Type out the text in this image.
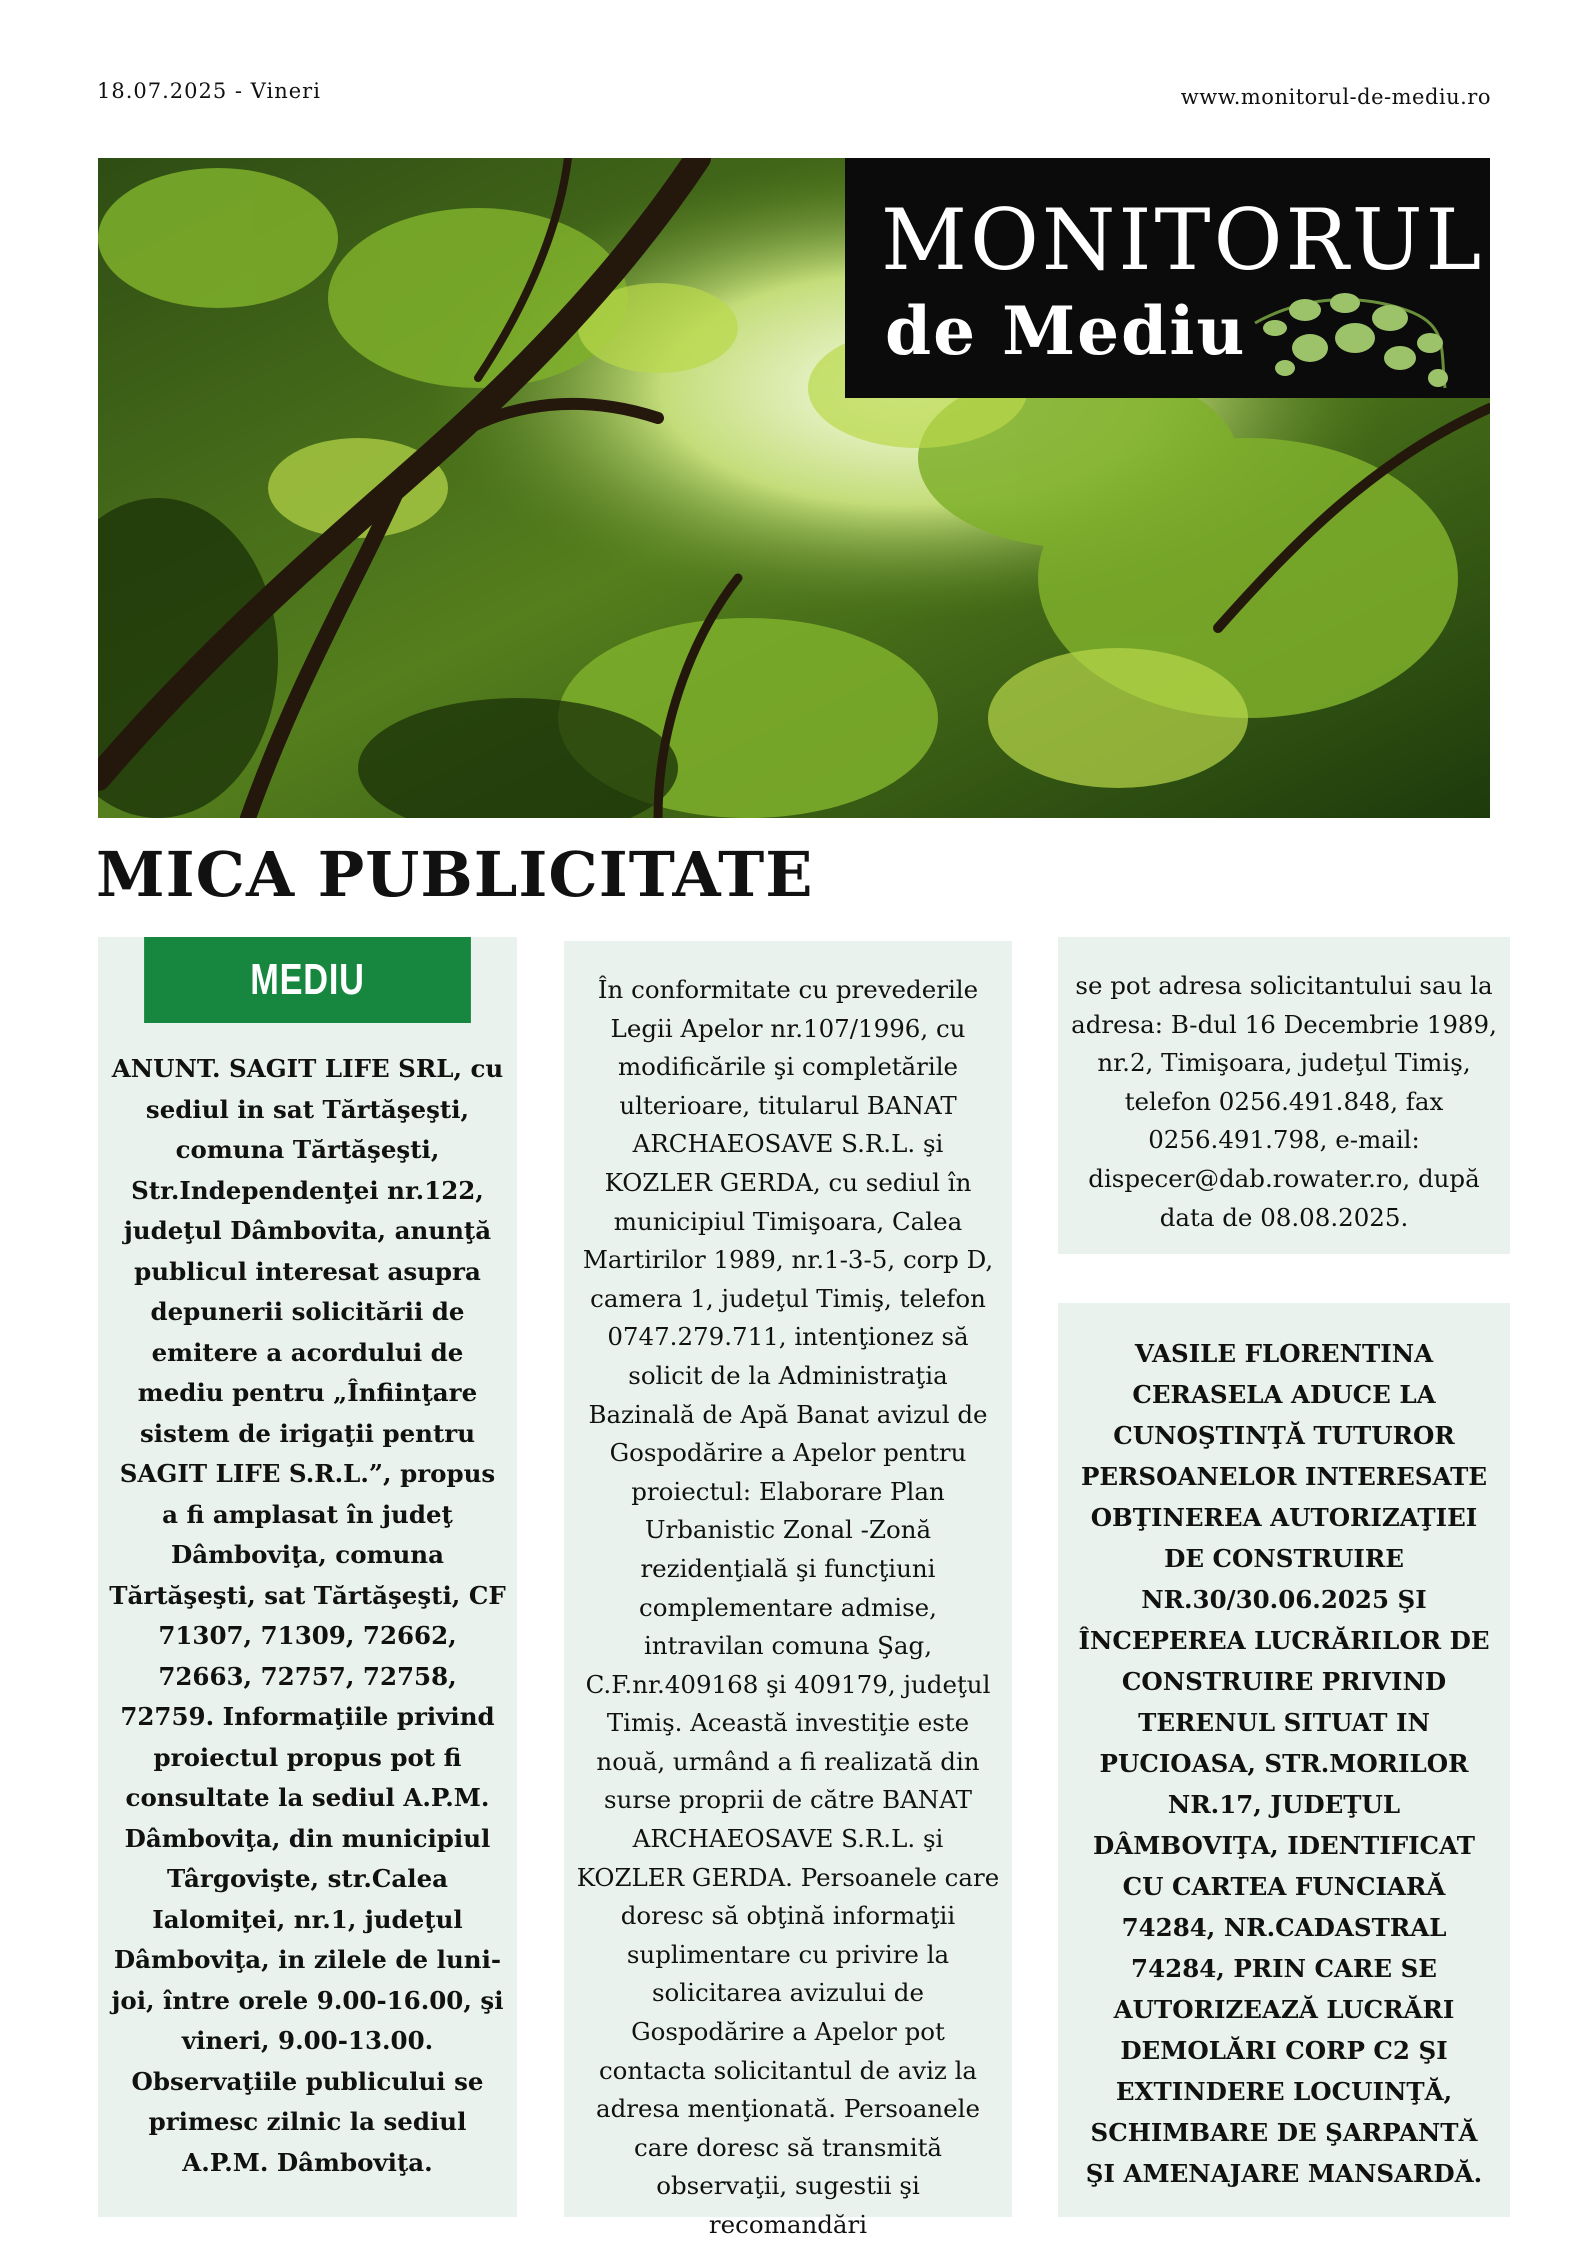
18.07.2025 - Vineri	www.monitorul-de-mediu.ro
MONITORUL
de Mediu
MICA PUBLICITATE
MEDIU
ANUNT. SAGIT LIFE SRL, cu sediul in sat Tărtăşeşti, comuna Tărtăşeşti, Str.Independenţei nr.122, judeţul Dâmbovita, anunţă publicul interesat asupra depunerii solicitării de emitere a acordului de mediu pentru „Înfiinţare sistem de irigaţii pentru SAGIT LIFE S.R.L.”, propus a fi amplasat în judeţ Dâmboviţa, comuna Tărtăşeşti, sat Tărtăşeşti, CF 71307, 71309, 72662, 72663, 72757, 72758, 72759. Informaţiile privind proiectul propus pot fi consultate la sediul A.P.M. Dâmboviţa, din municipiul Târgovişte, str.Calea Ialomiţei, nr.1, judeţul Dâmboviţa, in zilele de luni-joi, între orele 9.00-16.00, şi vineri, 9.00-13.00. Observaţiile publicului se primesc zilnic la sediul A.P.M. Dâmboviţa.
În conformitate cu prevederile Legii Apelor nr.107/1996, cu modificările şi completările ulterioare, titularul BANAT ARCHAEOSAVE S.R.L. şi KOZLER GERDA, cu sediul în municipiul Timişoara, Calea Martirilor 1989, nr.1-3-5, corp D, camera 1, judeţul Timiş, telefon 0747.279.711, intenţionez să solicit de la Administraţia Bazinală de Apă Banat avizul de Gospodărire a Apelor pentru proiectul: Elaborare Plan Urbanistic Zonal -Zonă rezidenţială şi funcţiuni complementare admise, intravilan comuna Şag, C.F.nr.409168 şi 409179, judeţul Timiş. Această investiţie este nouă, urmând a fi realizată din surse proprii de către BANAT ARCHAEOSAVE S.R.L. şi KOZLER GERDA. Persoanele care doresc să obţină informaţii suplimentare cu privire la solicitarea avizului de Gospodărire a Apelor pot contacta solicitantul de aviz la adresa menţionată. Persoanele care doresc să transmită observaţii, sugestii şi recomandări
se pot adresa solicitantului sau la adresa: B-dul 16 Decembrie 1989, nr.2, Timişoara, judeţul Timiş, telefon 0256.491.848, fax 0256.491.798, e-mail: dispecer@dab.rowater.ro, după data de 08.08.2025.
VASILE FLORENTINA CERASELA ADUCE LA CUNOŞTINŢĂ TUTUROR PERSOANELOR INTERESATE OBŢINEREA AUTORIZAŢIEI DE CONSTRUIRE NR.30/30.06.2025 ŞI ÎNCEPEREA LUCRĂRILOR DE CONSTRUIRE PRIVIND TERENUL SITUAT IN PUCIOASA, STR.MORILOR NR.17, JUDEŢUL DÂMBOVIŢA, IDENTIFICAT CU CARTEA FUNCIARĂ 74284, NR.CADASTRAL 74284, PRIN CARE SE AUTORIZEAZĂ LUCRĂRI DEMOLĂRI CORP C2 ŞI EXTINDERE LOCUINŢĂ, SCHIMBARE DE ŞARPANTĂ ŞI AMENAJARE MANSARDĂ.
